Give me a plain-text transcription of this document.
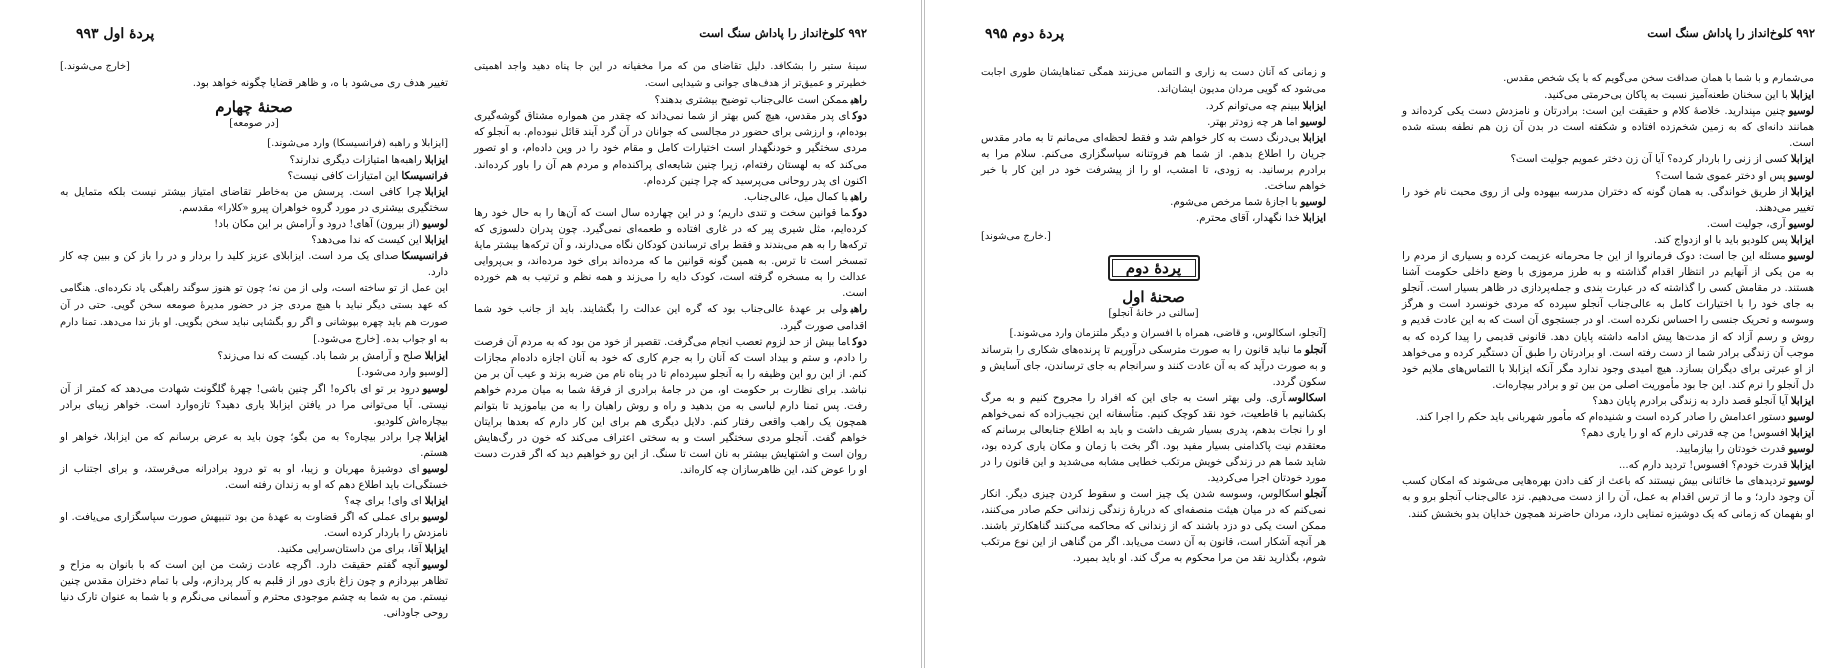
پردهٔ اول ۹۹۳

[خارج می‌شوند.]

تغییر هدف ری می‌شود با ه، و ظاهر قضایا چگونه خواهد بود.

صحنهٔ چهارم
[در صومعه]

[ایزابلا و راهبه (فرانسیسکا) وارد می‌شوند.]

ایزابلاراهبه‌ها امتیازات دیگری ندارند؟

فرانسیسکااین امتیازات کافی نیست؟

ایزابلاچرا کافی است. پرسش من به‌خاطر تقاضای امتیاز بیشتر نیست بلکه متمایل به سختگیری بیشتری در مورد گروه خواهران پیرو «کلارا» مقدسم.

لوسیو(از بیرون) آهای! درود و آرامش بر این مکان باد!

ایزابلااین کیست که ندا می‌دهد؟

فرانسیسکاصدای یک مرد است. ایزابلای عزیز کلید را بردار و در را باز کن و ببین چه کار دارد.

این عمل از تو ساخته است، ولی از من نه؛ چون تو هنوز سوگند راهبگی یاد نکرده‌ای. هنگامی که عهد بستی دیگر نباید با هیچ مردی جز در حضور مدیرهٔ صومعه سخن گویی. حتی در آن صورت هم باید چهره بپوشانی و اگر رو بگشایی نباید سخن بگویی. او باز ندا می‌دهد. تمنا دارم به او جواب بده. [خارج می‌شود.]

ایزابلاصلح و آرامش بر شما باد. کیست که ندا می‌زند؟

[لوسیو وارد می‌شود.]

لوسیودرود بر تو ای باکره! اگر چنین باشی! چهرهٔ گلگونت شهادت می‌دهد که کمتر از آن نیستی. آیا می‌توانی مرا در یافتن ایزابلا یاری دهید؟ تازه‌وارد است. خواهر زیبای برادر بیچاره‌اش کلودیو.

ایزابلاچرا برادر بیچاره؟ به من بگو؛ چون باید به عرض برسانم که من ایزابلا، خواهر او هستم.

لوسیوای دوشیزهٔ مهربان و زیبا، او به تو درود برادرانه می‌فرستد، و برای اجتناب از خستگی‌ات باید اطلاع دهم که او به زندان رفته است.

ایزابلاای وای! برای چه؟

لوسیوبرای عملی که اگر قضاوت به عهدهٔ من بود تنبیهش صورت سپاسگزاری می‌یافت. او نامزدش را باردار کرده است.

ایزابلاآقا، برای من داستان‌سرایی مکنید.

لوسیوآنچه گفتم حقیقت دارد. اگرچه عادت زشت من این است که با بانوان به مزاح و تظاهر بپردازم و چون زاغ بازی دور از قلبم به کار پردازم، ولی با تمام دختران مقدس چنین نیستم. من به شما به چشم موجودی محترم و آسمانی می‌نگرم و با شما به عنوان تارک دنیا روحی جاودانی.

۹۹۲ کلوخ‌انداز را پاداش سنگ است

سینهٔ ستبر را بشکافد. دلیل تقاضای من که مرا مخفیانه در این جا پناه دهید واجد اهمیتی خطیرتر و عمیق‌تر از هدف‌های جوانی و شیدایی است.

راهبممکن است عالی‌جناب توضیح بیشتری بدهند؟

دوکای پدر مقدس، هیچ کس بهتر از شما نمی‌داند که چقدر من همواره مشتاق گوشه‌گیری بوده‌ام، و ارزشی برای حضور در مجالسی که جوانان در آن گرد آیند قائل نبوده‌ام. به آنجلو که مردی سختگیر و خودنگهدار است اختیارات کامل و مقام خود را در وین داده‌ام، و او تصور می‌کند که به لهستان رفته‌ام، زیرا چنین شایعه‌ای پراکنده‌ام و مردم هم آن را باور کرده‌اند. اکنون ای پدر روحانی می‌پرسید که چرا چنین کرده‌ام.

راهببا کمال میل، عالی‌جناب.

دوکما قوانین سخت و تندی داریم؛ و در این چهارده سال است که آن‌ها را به حال خود رها کرده‌ایم، مثل شیری پیر که در غاری افتاده و طعمه‌ای نمی‌گیرد. چون پدران دلسوزی که ترکه‌ها را به هم می‌بندند و فقط برای ترساندن کودکان نگاه می‌دارند، و آن ترکه‌ها بیشتر مایهٔ تمسخر است تا ترس. به همین گونه قوانین ما که مرده‌اند برای خود مرده‌اند، و بی‌پروایی عدالت را به مسخره گرفته است، کودک دایه را می‌زند و همه نظم و ترتیب به هم خورده است.

راهبولی بر عهدهٔ عالی‌جناب بود که گره این عدالت را بگشایند. باید از جانب خود شما اقدامی صورت گیرد.

دوکاما بیش از حد لزوم تعصب انجام می‌گرفت. تقصیر از خود من بود که به مردم آن فرصت را دادم، و ستم و بیداد است که آنان را به جرم کاری که خود به آنان اجازه داده‌ام مجازات کنم. از این رو این وظیفه را به آنجلو سپرده‌ام تا در پناه نام من ضربه بزند و عیب آن بر من نباشد. برای نظارت بر حکومت او، من در جامهٔ برادری از فرقهٔ شما به میان مردم خواهم رفت. پس تمنا دارم لباسی به من بدهید و راه و روش راهبان را به من بیاموزید تا بتوانم همچون یک راهب واقعی رفتار کنم. دلایل دیگری هم برای این کار دارم که بعدها برایتان خواهم گفت. آنجلو مردی سختگیر است و به سختی اعتراف می‌کند که خون در رگ‌هایش روان است و اشتهایش بیشتر به نان است تا سنگ. از این رو خواهیم دید که اگر قدرت دست او را عوض کند، این ظاهرسازان چه کاره‌اند.

پردهٔ دوم ۹۹۵

و زمانی که آنان دست به زاری و التماس می‌زنند همگی تمناهایشان طوری اجابت می‌شود که گویی مردان مدیون ایشان‌اند.

ایزابلاببینم چه می‌توانم کرد.

لوسیواما هر چه زودتر بهتر.

ایزابلابی‌درنگ دست به کار خواهم شد و فقط لحظه‌ای می‌مانم تا به مادر مقدس جریان را اطلاع بدهم. از شما هم فروتنانه سپاسگزاری می‌کنم. سلام مرا به برادرم برسانید. به زودی، تا امشب، او را از پیشرفت خود در این کار با خبر خواهم ساخت.

لوسیوبا اجازهٔ شما مرخص می‌شوم.

ایزابلاخدا نگهدار، آقای محترم.

[خارج می‌شوند.]

پردهٔ دوم
صحنهٔ اول
[سالنی در خانهٔ آنجلو]

[آنجلو، اسکالوس، و قاضی، همراه با افسران و دیگر ملتزمان وارد می‌شوند.]

آنجلوما نباید قانون را به صورت مترسکی درآوریم تا پرنده‌های شکاری را بترساند و به صورت درآید که به آن عادت کنند و سرانجام به جای ترساندن، جای آسایش و سکون گردد.

اسکالوسآری. ولی بهتر است به جای این که افراد را مجروح کنیم و به مرگ بکشانیم با قاطعیت، خود نقد کوچک کنیم. متأسفانه این نجیب‌زاده که نمی‌خواهم او را نجات بدهم، پدری بسیار شریف داشت و باید به اطلاع جنابعالی برسانم که معتقدم نیت پاکدامنی بسیار مفید بود. اگر بخت با زمان و مکان یاری کرده بود، شاید شما هم در زندگی خویش مرتکب خطایی مشابه می‌شدید و این قانون را در مورد خودتان اجرا می‌کردید.

آنجلواسکالوس، وسوسه شدن یک چیز است و سقوط کردن چیزی دیگر. انکار نمی‌کنم که در میان هیئت منصفه‌ای که دربارهٔ زندگی زندانی حکم صادر می‌کنند، ممکن است یکی دو دزد باشند که از زندانی که محاکمه می‌کنند گناهکارتر باشند. هر آنچه آشکار است، قانون به آن دست می‌یابد. اگر من گناهی از این نوع مرتکب شوم، بگذارید نقد من مرا محکوم به مرگ کند. او باید بمیرد.

۹۹۲ کلوخ‌انداز را پاداش سنگ است

می‌شمارم و با شما با همان صداقت سخن می‌گویم که با یک شخص مقدس.

ایزابلابا این سخنان طعنه‌آمیز نسبت به پاکان بی‌حرمتی می‌کنید.

لوسیوچنین مپندارید. خلاصهٔ کلام و حقیقت این است: برادرتان و نامزدش دست یکی کرده‌اند و همانند دانه‌ای که به زمین شخم‌زده افتاده و شکفته است در بدن آن زن هم نطفه بسته شده است.

ایزابلاکسی از زنی را باردار کرده؟ آیا آن زن دختر عمویم جولیت است؟

لوسیوپس او دختر عموی شما است؟

ایزابلااز طریق خواندگی. به همان گونه که دختران مدرسه بیهوده ولی از روی محبت نام خود را تغییر می‌دهند.

لوسیوآری، جولیت است.

ایزابلاپس کلودیو باید با او ازدواج کند.

لوسیومسئله این جا است: دوک فرمانروا از این جا محرمانه عزیمت کرده و بسیاری از مردم را به من یکی از آنهایم در انتظار اقدام گذاشته و به طرز مرموزی با وضع داخلی حکومت آشنا هستند. در مقامش کسی را گذاشته که در عبارت بندی و جمله‌پردازی در ظاهر بسیار است. آنجلو به جای خود را با اختیارات کامل به عالی‌جناب آنجلو سپرده که مردی خونسرد است و هرگز وسوسه و تحریک جنسی را احساس نکرده است. او در جستجوی آن است که به این عادت قدیم و روش و رسم آزاد که از مدت‌ها پیش ادامه داشته پایان دهد. قانونی قدیمی را پیدا کرده که به موجب آن زندگی برادر شما از دست رفته است. او برادرتان را طبق آن دستگیر کرده و می‌خواهد از او عبرتی برای دیگران بسازد. هیچ امیدی وجود ندارد مگر آنکه ایزابلا با التماس‌های ملایم خود دل آنجلو را نرم کند. این جا بود مأموریت اصلی من بین تو و برادر بیچاره‌ات.

ایزابلاآیا آنجلو قصد دارد به زندگی برادرم پایان دهد؟

لوسیودستور اعدامش را صادر کرده است و شنیده‌ام که مأمور شهربانی باید حکم را اجرا کند.

ایزابلاافسوس! من چه قدرتی دارم که او را یاری دهم؟

لوسیوقدرت خودتان را بیازمایید.

ایزابلاقدرت خودم؟ افسوس! تردید دارم که...

لوسیوتردیدهای ما خائنانی بیش نیستند که باعث از کف دادن بهره‌هایی می‌شوند که امکان کسب آن وجود دارد؛ و ما از ترس اقدام به عمل، آن را از دست می‌دهیم. نزد عالی‌جناب آنجلو برو و به او بفهمان که زمانی که یک دوشیزه تمنایی دارد، مردان حاضرند همچون خدایان بدو بخشش کنند.
